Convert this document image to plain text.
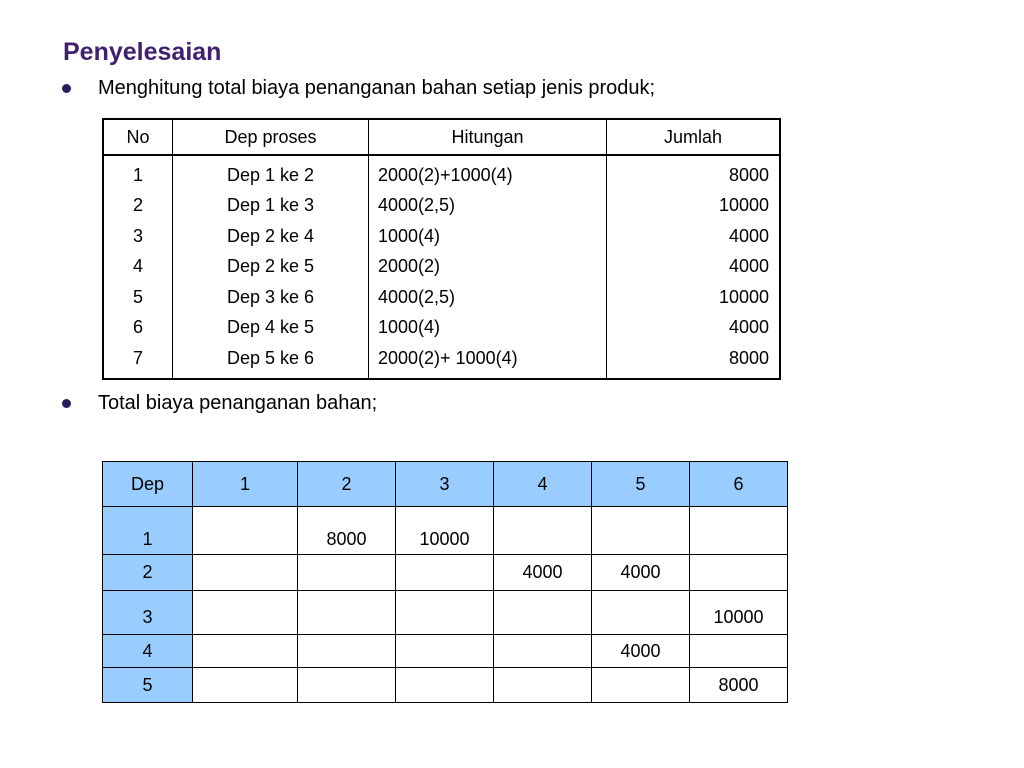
Penyelesaian
Menghitung total biaya penanganan bahan setiap jenis produk;
No	Dep proses	Hitungan	Jumlah
1	Dep 1 ke 2	2000(2)+1000(4)	8000
2	Dep 1 ke 3	4000(2,5)	10000
3	Dep 2 ke 4	1000(4)	4000
4	Dep 2 ke 5	2000(2)	4000
5	Dep 3 ke 6	4000(2,5)	10000
6	Dep 4 ke 5	1000(4)	4000
7	Dep 5 ke 6	2000(2)+ 1000(4)	8000
Total biaya penanganan bahan;
Dep	1	2	3	4	5	6
1		8000	10000			
2				4000	4000	
3						10000
4					4000	
5						8000
